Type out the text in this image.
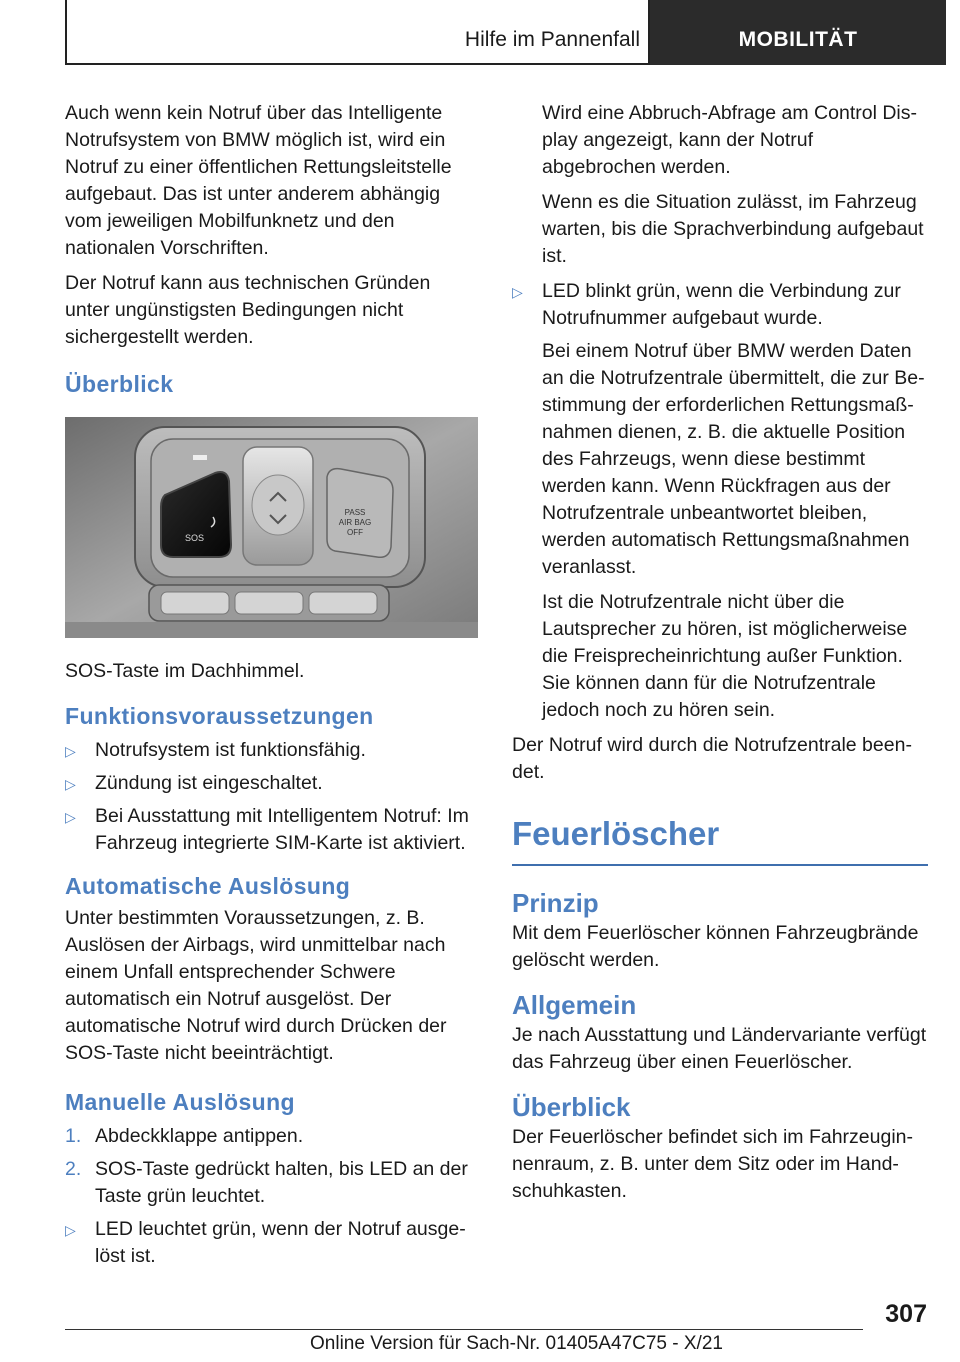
Hilfe im Pannenfall	MOBILITÄT

Auch wenn kein Notruf über das Intelligente Notrufsystem von BMW möglich ist, wird ein Notruf zu einer öffentlichen Rettungsleitstelle aufgebaut. Das ist unter anderem abhängig vom jeweiligen Mobilfunknetz und den nationalen Vorschriften.

Der Notruf kann aus technischen Gründen unter ungünstigsten Bedingungen nicht sichergestellt werden.

Überblick
SOS
PASS
AIR BAG
OFF

SOS-Taste im Dachhimmel.

Funktionsvoraussetzungen
▷ Notrufsystem ist funktionsfähig.
▷ Zündung ist eingeschaltet.
▷ Bei Ausstattung mit Intelligentem Notruf: Im Fahrzeug integrierte SIM-Karte ist aktiviert.
Automatische Auslösung

Unter bestimmten Voraussetzungen, z. B. Auslösen der Airbags, wird unmittelbar nach einem Unfall entsprechender Schwere automatisch ein Notruf ausgelöst. Der automatische Notruf wird durch Drücken der SOS-Taste nicht beeinträchtigt.

Manuelle Auslösung
1. Abdeckklappe antippen.
2. SOS-Taste gedrückt halten, bis LED an der Taste grün leuchtet.
▷ LED leuchtet grün, wenn der Notruf ausgelöst ist.

Wird eine Abbruch-Abfrage am Control Display angezeigt, kann der Notruf abgebrochen werden.

Wenn es die Situation zulässt, im Fahrzeug warten, bis die Sprachverbindung aufgebaut ist.

▷ LED blinkt grün, wenn die Verbindung zur Notrufnummer aufgebaut wurde.

Bei einem Notruf über BMW werden Daten an die Notrufzentrale übermittelt, die zur Bestimmung der erforderlichen Rettungsmaßnahmen dienen, z. B. die aktuelle Position des Fahrzeugs, wenn diese bestimmt werden kann. Wenn Rückfragen aus der Notrufzentrale unbeantwortet bleiben, werden automatisch Rettungsmaßnahmen veranlasst.

Ist die Notrufzentrale nicht über die Lautsprecher zu hören, ist möglicherweise die Freisprecheinrichtung außer Funktion. Sie können dann für die Notrufzentrale jedoch noch zu hören sein.

Der Notruf wird durch die Notrufzentrale beendet.

Feuerlöscher
Prinzip

Mit dem Feuerlöscher können Fahrzeugbrände gelöscht werden.

Allgemein

Je nach Ausstattung und Ländervariante verfügt das Fahrzeug über einen Feuerlöscher.

Überblick

Der Feuerlöscher befindet sich im Fahrzeuginnenraum, z. B. unter dem Sitz oder im Handschuhkasten.

307
Online Version für Sach-Nr. 01405A47C75 - X/21
